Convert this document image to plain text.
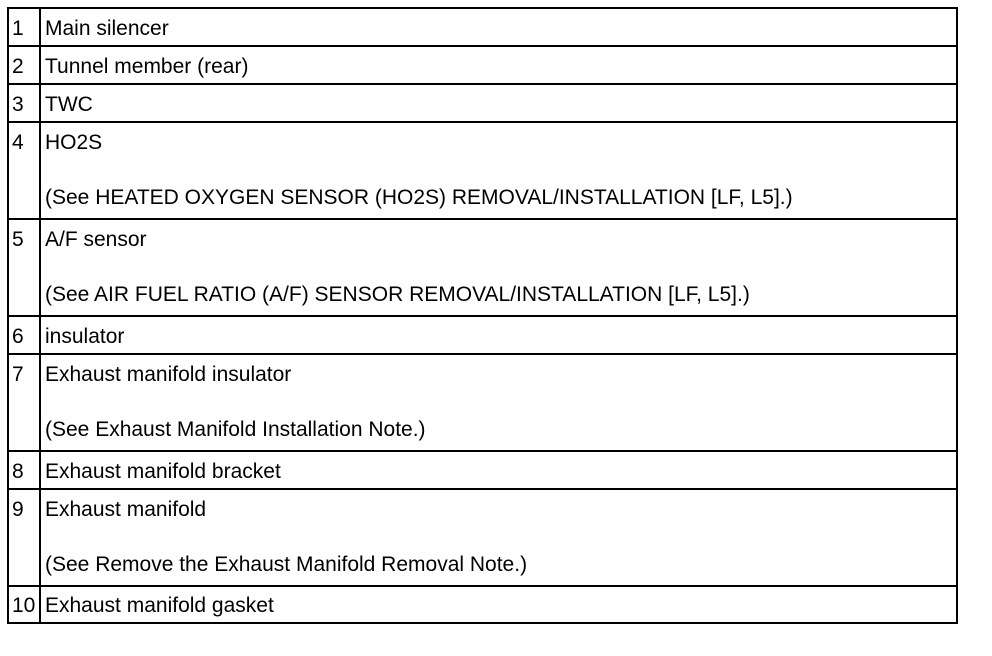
1	Main silencer
2	Tunnel member (rear)
3	TWC
4	HO2S
(See HEATED OXYGEN SENSOR (HO2S) REMOVAL/INSTALLATION [LF, L5].)

5	A/F sensor
(See AIR FUEL RATIO (A/F) SENSOR REMOVAL/INSTALLATION [LF, L5].)

6	insulator
7	Exhaust manifold insulator
(See Exhaust Manifold Installation Note.)

8	Exhaust manifold bracket
9	Exhaust manifold
(See Remove the Exhaust Manifold Removal Note.)

10	Exhaust manifold gasket
